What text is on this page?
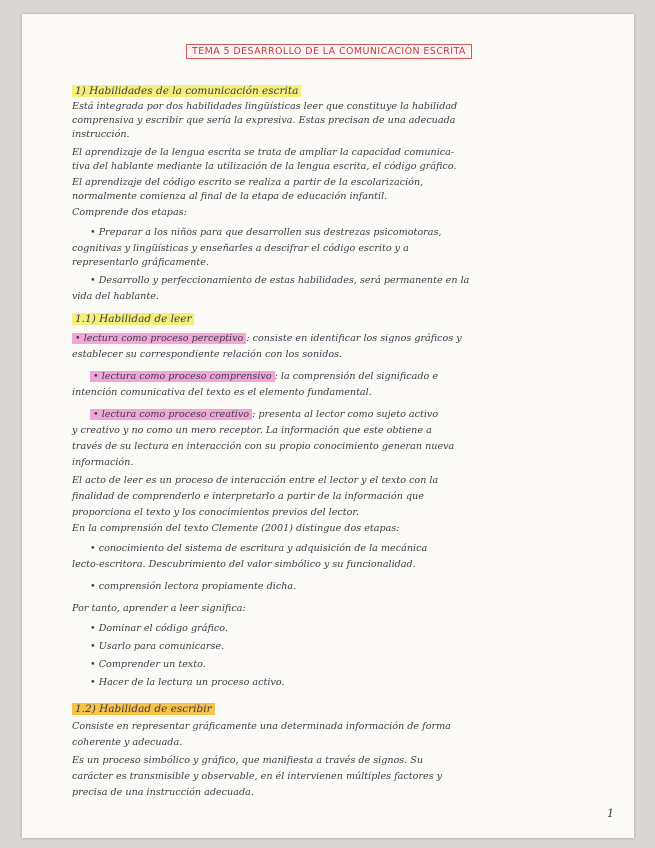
TEMA 5 DESARROLLO DE LA COMUNICACIÓN ESCRITA
1) Habilidades de la comunicación escrita
Está integrada por dos habilidades lingüísticas leer que constituye la habilidad
comprensiva y escribir que sería la expresiva. Estas precisan de una adecuada
instrucción.
El aprendizaje de la lengua escrita se trata de ampliar la capacidad comunica-
tiva del hablante mediante la utilización de la lengua escrita, el código gráfico.
El aprendizaje del código escrito se realiza a partir de la escolarización,
normalmente comienza al final de la etapa de educación infantil.
Comprende dos etapas:
• Preparar a los niños para que desarrollen sus destrezas psicomotoras,
cognitivas y lingüísticas y enseñarles a descifrar el código escrito y a
representarlo gráficamente.
• Desarrollo y perfeccionamiento de estas habilidades, será permanente en la
vida del hablante.
1.1) Habilidad de leer
• lectura como proceso perceptivo : consiste en identificar los signos gráficos y
establecer su correspondiente relación con los sonidos.
• lectura como proceso comprensivo : la comprensión del significado e
intención comunicativa del texto es el elemento fundamental.
• lectura como proceso creativo : presenta al lector como sujeto activo
y creativo y no como un mero receptor. La información que este obtiene a
través de su lectura en interacción con su propio conocimiento generan nueva
información.
El acto de leer es un proceso de interacción entre el lector y el texto con la
finalidad de comprenderlo e interpretarlo a partir de la información que
proporciona el texto y los conocimientos previos del lector.
En la comprensión del texto Clemente (2001) distingue dos etapas:
• conocimiento del sistema de escritura y adquisición de la mecánica
lecto-escritora. Descubrimiento del valor simbólico y su funcionalidad.
• comprensión lectora propiamente dicha.
Por tanto, aprender a leer significa:
• Dominar el código gráfico.
• Usarlo para comunicarse.
• Comprender un texto.
• Hacer de la lectura un proceso activo.
1.2) Habilidad de escribir
Consiste en representar gráficamente una determinada información de forma
coherente y adecuada.
Es un proceso simbólico y gráfico, que manifiesta a través de signos. Su
carácter es transmisible y observable, en él intervienen múltiples factores y
precisa de una instrucción adecuada.
1
